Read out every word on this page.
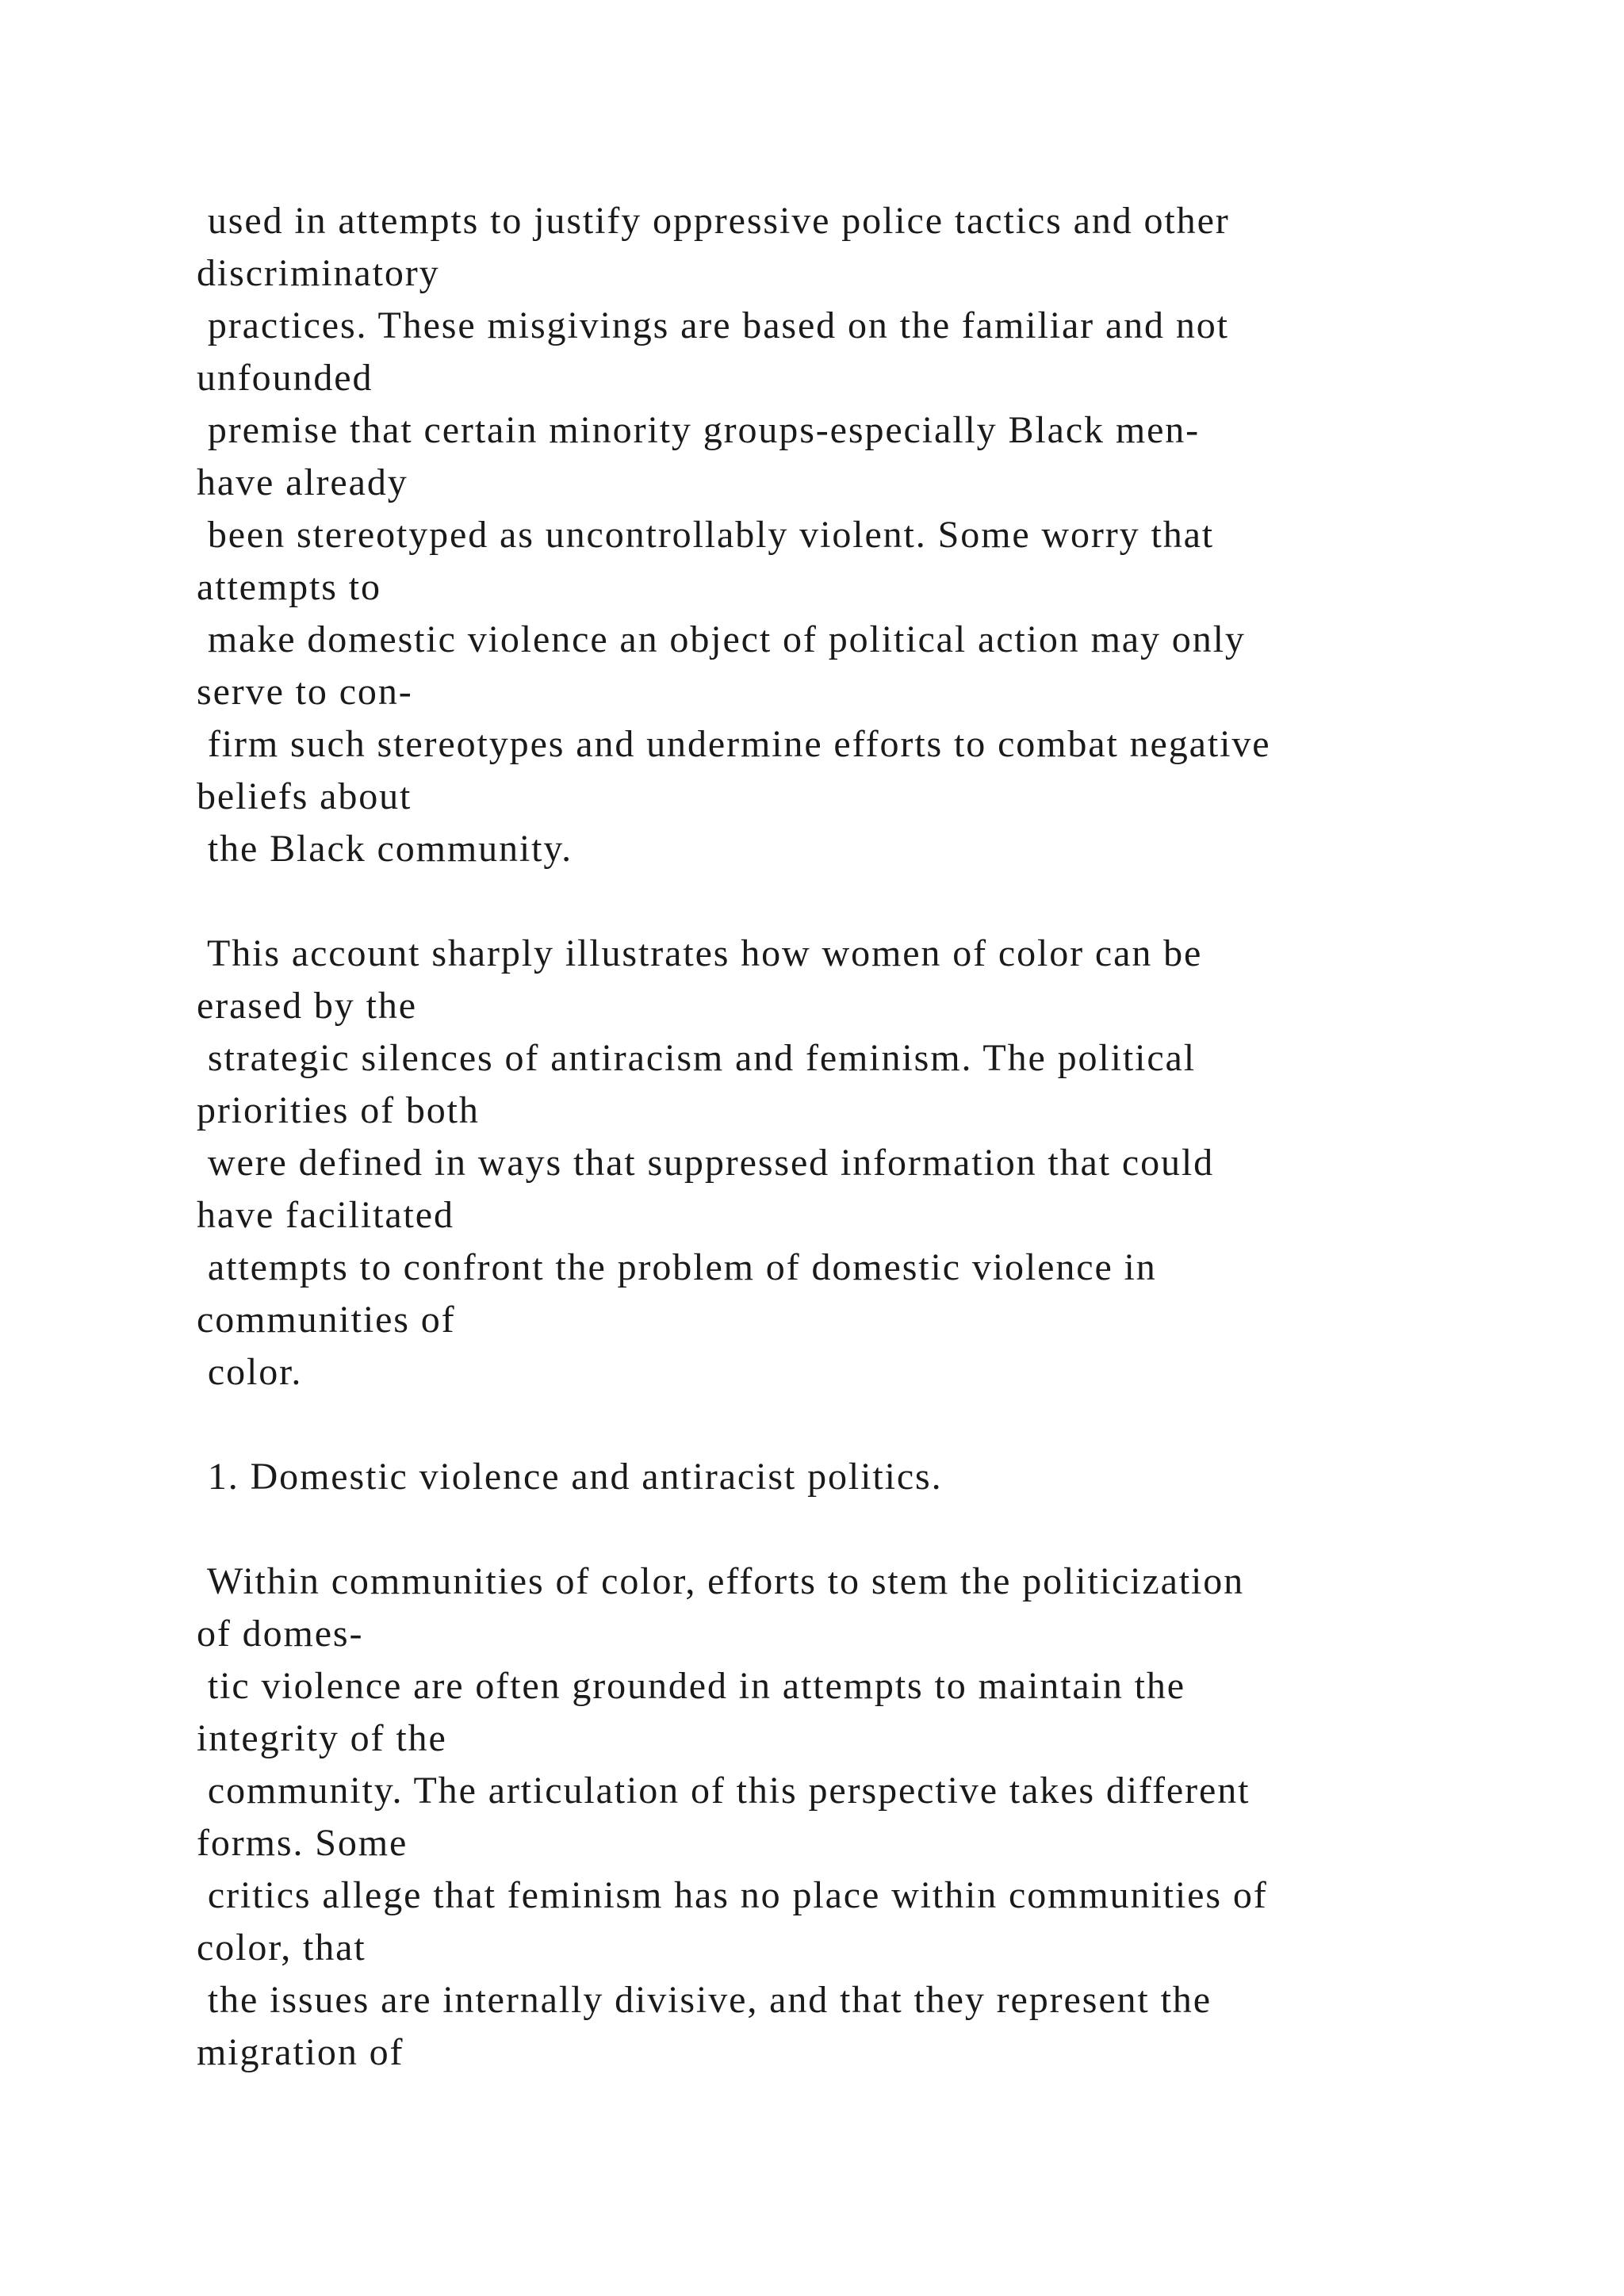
used in attempts to justify oppressive police tactics and other
discriminatory
practices. These misgivings are based on the familiar and not
unfounded
premise that certain minority groups-especially Black men-
have already
been stereotyped as uncontrollably violent. Some worry that
attempts to
make domestic violence an object of political action may only
serve to con-
firm such stereotypes and undermine efforts to combat negative
beliefs about
the Black community.
This account sharply illustrates how women of color can be
erased by the
strategic silences of antiracism and feminism. The political
priorities of both
were defined in ways that suppressed information that could
have facilitated
attempts to confront the problem of domestic violence in
communities of
color.
1. Domestic violence and antiracist politics.
Within communities of color, efforts to stem the politicization
of domes-
tic violence are often grounded in attempts to maintain the
integrity of the
community. The articulation of this perspective takes different
forms. Some
critics allege that feminism has no place within communities of
color, that
the issues are internally divisive, and that they represent the
migration of
